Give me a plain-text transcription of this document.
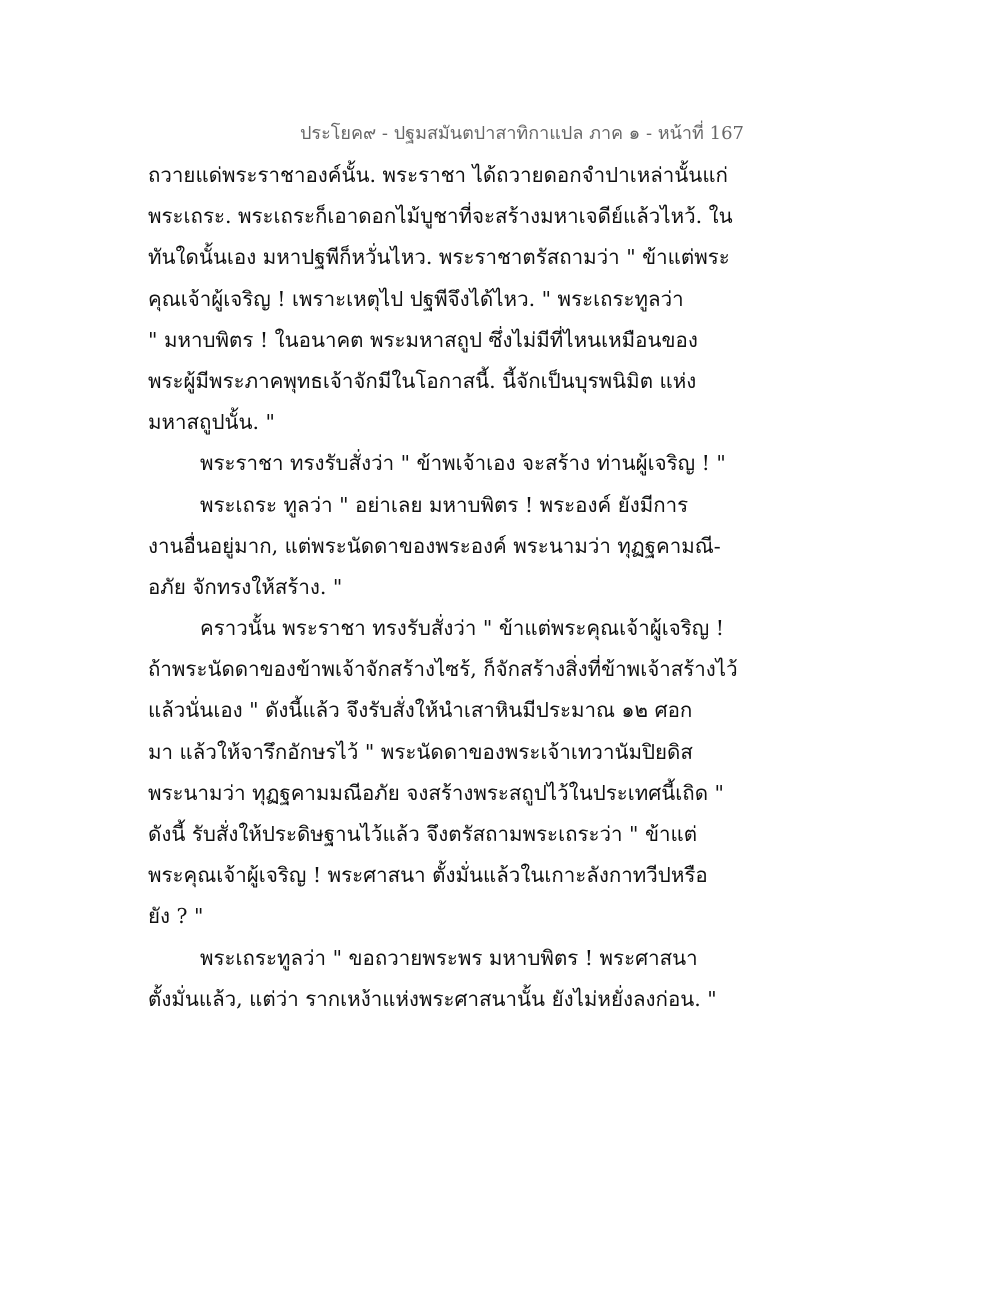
ประโยค๙ - ปฐมสมันตปาสาทิกาแปล ภาค ๑ - หน้าที่ 167
ถวายแด่พระราชาองค์นั้น. พระราชา ได้ถวายดอกจำปาเหล่านั้นแก่
พระเถระ. พระเถระก็เอาดอกไม้บูชาที่จะสร้างมหาเจดีย์แล้วไหว้. ใน
ทันใดนั้นเอง มหาปฐพีก็หวั่นไหว. พระราชาตรัสถามว่า " ข้าแต่พระ
คุณเจ้าผู้เจริญ ! เพราะเหตุไป ปฐพีจึงได้ไหว. " พระเถระทูลว่า
" มหาบพิตร ! ในอนาคต พระมหาสถูป ซึ่งไม่มีที่ไหนเหมือนของ
พระผู้มีพระภาคพุทธเจ้าจักมีในโอกาสนี้. นี้จักเป็นบุรพนิมิต แห่ง
มหาสถูปนั้น. "
พระราชา ทรงรับสั่งว่า " ข้าพเจ้าเอง จะสร้าง ท่านผู้เจริญ ! "
พระเถระ ทูลว่า " อย่าเลย มหาบพิตร ! พระองค์ ยังมีการ
งานอื่นอยู่มาก, แต่พระนัดดาของพระองค์ พระนามว่า ทุฏฐคามณี-
อภัย จักทรงให้สร้าง. "
คราวนั้น พระราชา ทรงรับสั่งว่า " ข้าแต่พระคุณเจ้าผู้เจริญ !
ถ้าพระนัดดาของข้าพเจ้าจักสร้างไซร้, ก็จักสร้างสิ่งที่ข้าพเจ้าสร้างไว้
แล้วนั่นเอง " ดังนี้แล้ว จึงรับสั่งให้นำเสาหินมีประมาณ ๑๒ ศอก
มา แล้วให้จารึกอักษรไว้ " พระนัดดาของพระเจ้าเทวานัมปิยดิส
พระนามว่า ทุฏฐคามมณีอภัย จงสร้างพระสถูปไว้ในประเทศนี้เถิด "
ดังนี้ รับสั่งให้ประดิษฐานไว้แล้ว จึงตรัสถามพระเถระว่า " ข้าแต่
พระคุณเจ้าผู้เจริญ ! พระศาสนา ตั้งมั่นแล้วในเกาะลังกาทวีปหรือ
ยัง ? "
พระเถระทูลว่า " ขอถวายพระพร มหาบพิตร ! พระศาสนา
ตั้งมั่นแล้ว, แต่ว่า รากเหง้าแห่งพระศาสนานั้น ยังไม่หยั่งลงก่อน. "
